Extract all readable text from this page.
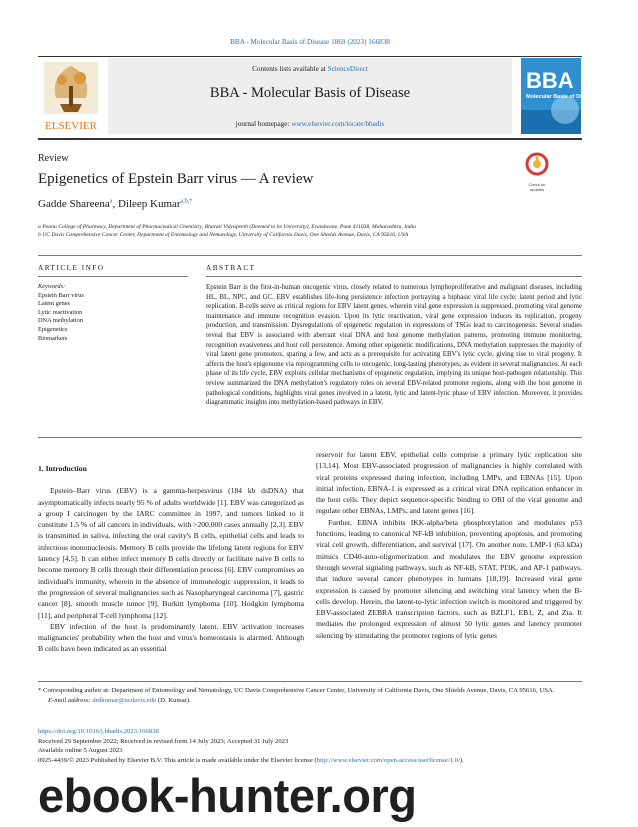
BBA - Molecular Basis of Disease 1869 (2023) 166838
ELSEVIER
Contents lists available at ScienceDirect
BBA - Molecular Basis of Disease
journal homepage: www.elsevier.com/locate/bbadis
BBA
Molecular Basis of Disease
Review
Epigenetics of Epstein Barr virus — A review	Check for updates
Gadde Shareena$^a$, Dileep Kumar$^{a,b,*}$
a Poona College of Pharmacy, Department of Pharmaceutical Chemistry, Bharati Vidyapeeth (Deemed to be University), Erandwane, Pune 411038, Maharashtra, India
b UC Davis Comprehensive Cancer Center, Department of Entomology and Nematology, University of California Davis, One Shields Avenue, Davis, CA 95616, USA
ARTICLE INFO	ABSTRACT
Keywords:
Epstein Barr virus
Latent genes
Lytic reactivation
DNA methylation
Epigenetics
Biomarkers
Epstein Barr is the first-in-human oncogenic virus, closely related to numerous lymphoproliferative and malignant diseases, including HL, BL, NPC, and GC. EBV establishes life-long persistence infection portraying a biphasic viral life cycle: latent period and lytic replication. B-cells serve as critical regions for EBV latent genes, wherein viral gene expression is suppressed, promoting viral genome maintenance and immune recognition evasion. Upon its lytic reactivation, viral gene expression induces its replication, progeny production, and transmission. Dysregulations of epigenetic regulation in expressions of TSGs lead to carcinogenesis. Several studies reveal that EBV is associated with aberrant viral DNA and host genome methylation patterns, promoting immune monitoring, recognition evasiveness and host cell persistence. Among other epigenetic modifications, DNA methylation suppresses the majority of viral latent gene promoters, sparing a few, and acts as a prerequisite for activating EBV's lytic cycle, giving rise to viral progeny. It affects the host's epigenome via reprogramming cells to oncogenic, long-lasting phenotypes, as evident in several malignancies. At each phase of its life cycle, EBV exploits cellular mechanisms of epigenetic regulation, implying its unique host-pathogen relationship. This review summarized the DNA methylation's regulatory roles on several EBV-related promoter regions, along with the host genome in pathological conditions, highlights viral genes involved in a latent, lytic and latent-lytic phase of EBV infection. Moreover, it provides diagrammatic insights into methylation-based pathways in EBV.
1. Introduction

Epstein–Barr virus (EBV) is a gamma-herpesvirus (184 kb dsDNA) that asymptomatically infects nearly 95 % of adults worldwide [1]. EBV was categorized as a group I carcinogen by the IARC committee in 1997, and tumors linked to it constitute 1.5 % of all cancers in individuals, with >200,000 cases annually [2,3]. EBV is transmitted in saliva, infecting the oral cavity's B cells, epithelial cells and leads to infectious mononucleosis. Memory B cells provide the lifelong latent regions for EBV latency [4,5]. It can either infect memory B cells directly or facilitate naive B cells to become memory B cells through their differentiation process [6]. EBV compromises an individual's immunity, wherein in the absence of immunologic suppression, it leads to the progression of several malignancies such as Nasopharyngeal carcinoma [7], gastric cancer [8], smooth muscle tumor [9], Burkitt lymphoma [10], Hodgkin lymphoma [11], and peripheral T-cell lymphoma [12].

EBV infection of the host is predominantly latent. EBV activation increases malignancies' probability when the host and virus's homeostasis is alarmed. Although B cells have been indicated as an essential

reservoir for latent EBV, epithelial cells comprise a primary lytic replication site [13,14]. Most EBV-associated progression of malignancies is highly correlated with viral proteins expressed during infection, including LMPs, and EBNAs [15]. Upon initial infection, EBNA-1 is expressed as a critical viral DNA replication enhancer in the host cells. They depict sequence-specific binding to ORI of the viral genome and regulate other EBNAs, LMPs, and latent genes [16].

Further, EBNA inhibits IKK-alpha/beta phosphorylation and modulates p53 functions, leading to canonical NF-kB inhibition, preventing apoptosis, and promoting viral cell growth, differentiation, and survival [17]. On another note, LMP-1 (63 kDa) mimics CD40-auto-oligomerization and modulates the EBV genome expression through several signaling pathways, such as NF-kB, STAT, PI3K, and AP-1 pathways, that induce several cancer phenotypes in humans [18,19]. Increased viral gene expression is caused by promoter silencing and switching viral latency when the B-cells develop. Herein, the latent-to-lytic infection switch is monitored and triggered by EBV-associated ZEBRA transcription factors, such as BZLF1, EB1, Z, and Zta. It mediates the prolonged expression of almost 50 lytic genes and latency promoter silencing by stimulating the promoter regions of lytic genes

* Corresponding author at: Department of Entomology and Nematology, UC Davis Comprehensive Cancer Center, University of California Davis, One Shields Avenue, Davis, CA 95616, USA.
E-mail address: drdkumar@ucdavis.edu (D. Kumar).
https://doi.org/10.1016/j.bbadis.2023.166838
Received 29 September 2022; Received in revised form 14 July 2023; Accepted 31 July 2023
Available online 5 August 2023
0925-4439/© 2023 Published by Elsevier B.V. This article is made available under the Elsevier license (http://www.elsevier.com/open-access/userlicense/1.0/).
ebook-hunter.org
